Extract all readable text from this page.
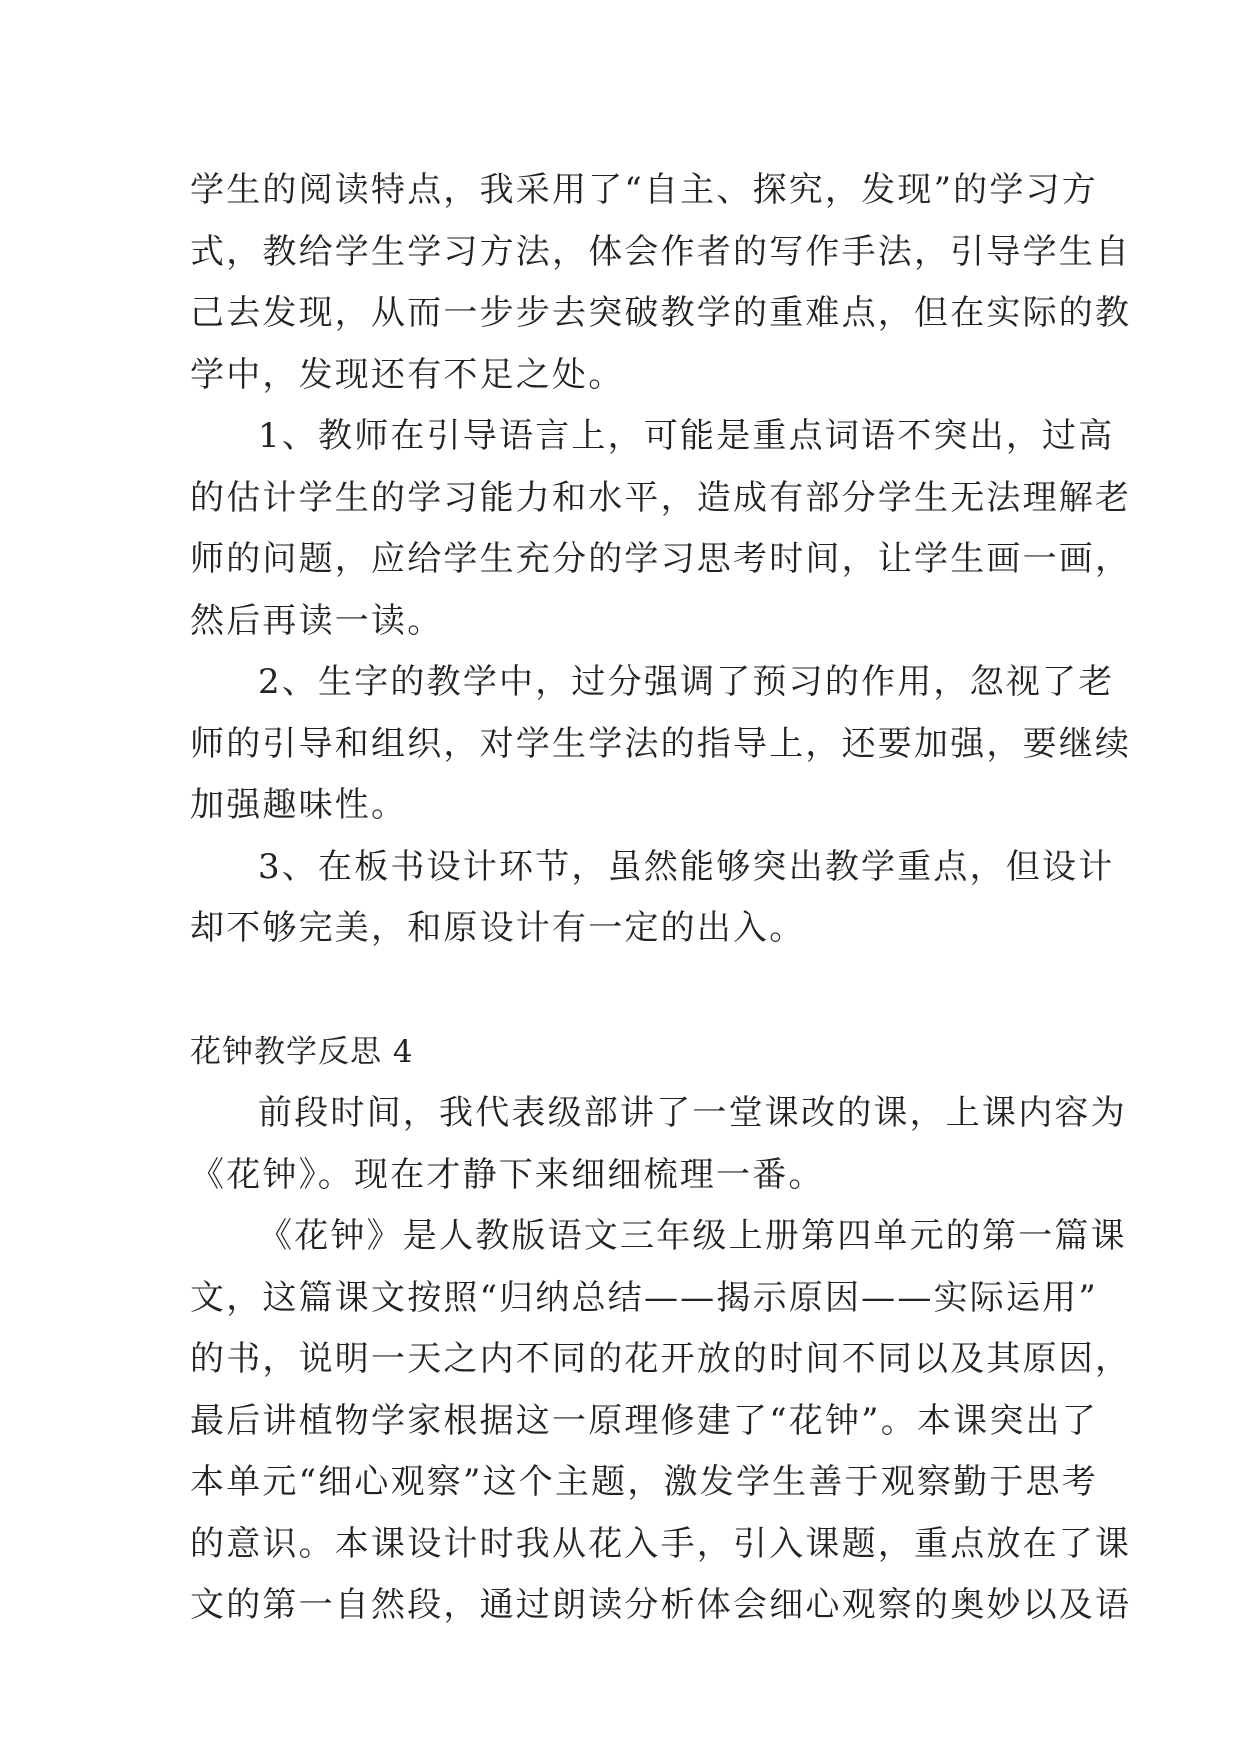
学生的阅读特点，我采用了“自主、探究，发现”的学习方
式，教给学生学习方法，体会作者的写作手法，引导学生自
己去发现，从而一步步去突破教学的重难点，但在实际的教
学中，发现还有不足之处。
1、教师在引导语言上，可能是重点词语不突出，过高
的估计学生的学习能力和水平，造成有部分学生无法理解老
师的问题，应给学生充分的学习思考时间，让学生画一画，
然后再读一读。
2、生字的教学中，过分强调了预习的作用，忽视了老
师的引导和组织，对学生学法的指导上，还要加强，要继续
加强趣味性。
3、在板书设计环节，虽然能够突出教学重点，但设计
却不够完美，和原设计有一定的出入。
花钟教学反思 4
前段时间，我代表级部讲了一堂课改的课，上课内容为
《花钟》。现在才静下来细细梳理一番。
《花钟》是人教版语文三年级上册第四单元的第一篇课
文，这篇课文按照“归纳总结——揭示原因——实际运用”
的书，说明一天之内不同的花开放的时间不同以及其原因，
最后讲植物学家根据这一原理修建了“花钟”。本课突出了
本单元“细心观察”这个主题，激发学生善于观察勤于思考
的意识。本课设计时我从花入手，引入课题，重点放在了课
文的第一自然段，通过朗读分析体会细心观察的奥妙以及语
